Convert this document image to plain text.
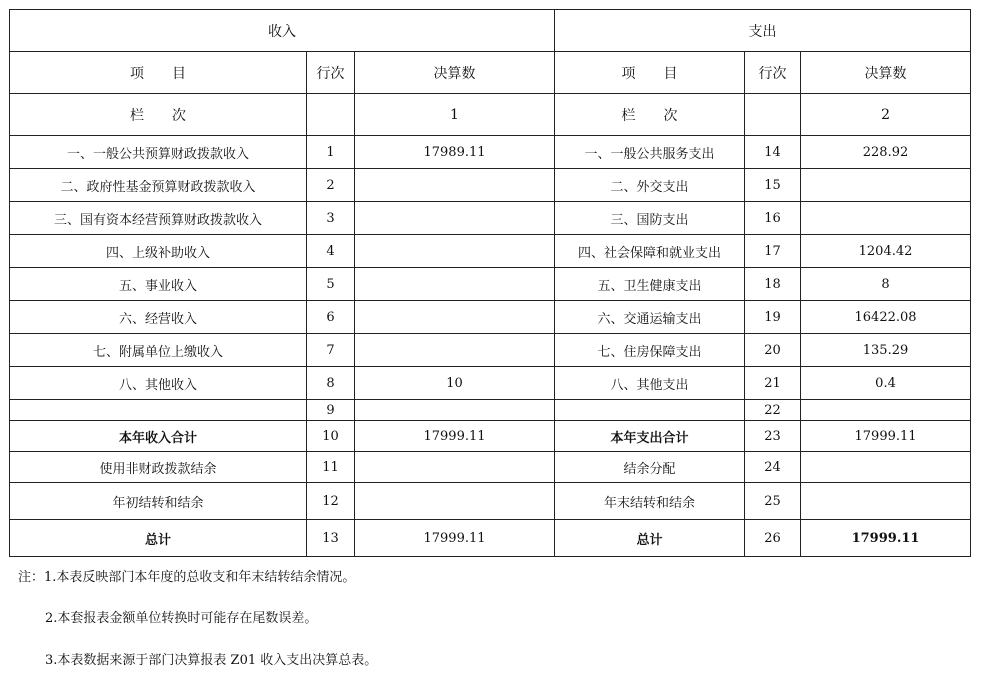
收入			支出		
项　　目	行次	决算数	项　　目	行次	决算数
栏　　次		1	栏　　次		2
一、一般公共预算财政拨款收入	1	17989.11	一、一般公共服务支出	14	228.92
二、政府性基金预算财政拨款收入	2		二、外交支出	15	
三、国有资本经营预算财政拨款收入	3		三、国防支出	16	
四、上级补助收入	4		四、社会保障和就业支出	17	1204.42
五、事业收入	5		五、卫生健康支出	18	8
六、经营收入	6		六、交通运输支出	19	16422.08
七、附属单位上缴收入	7		七、住房保障支出	20	135.29
八、其他收入	8	10	八、其他支出	21	0.4
	9			22	
本年收入合计	10	17999.11	本年支出合计	23	17999.11
使用非财政拨款结余	11		结余分配	24	
年初结转和结余	12		年末结转和结余	25	
总计	13	17999.11	总计	26	17999.11
注：1.本表反映部门本年度的总收支和年末结转结余情况。
2.本套报表金额单位转换时可能存在尾数误差。
3.本表数据来源于部门决算报表 Z01 收入支出决算总表。
